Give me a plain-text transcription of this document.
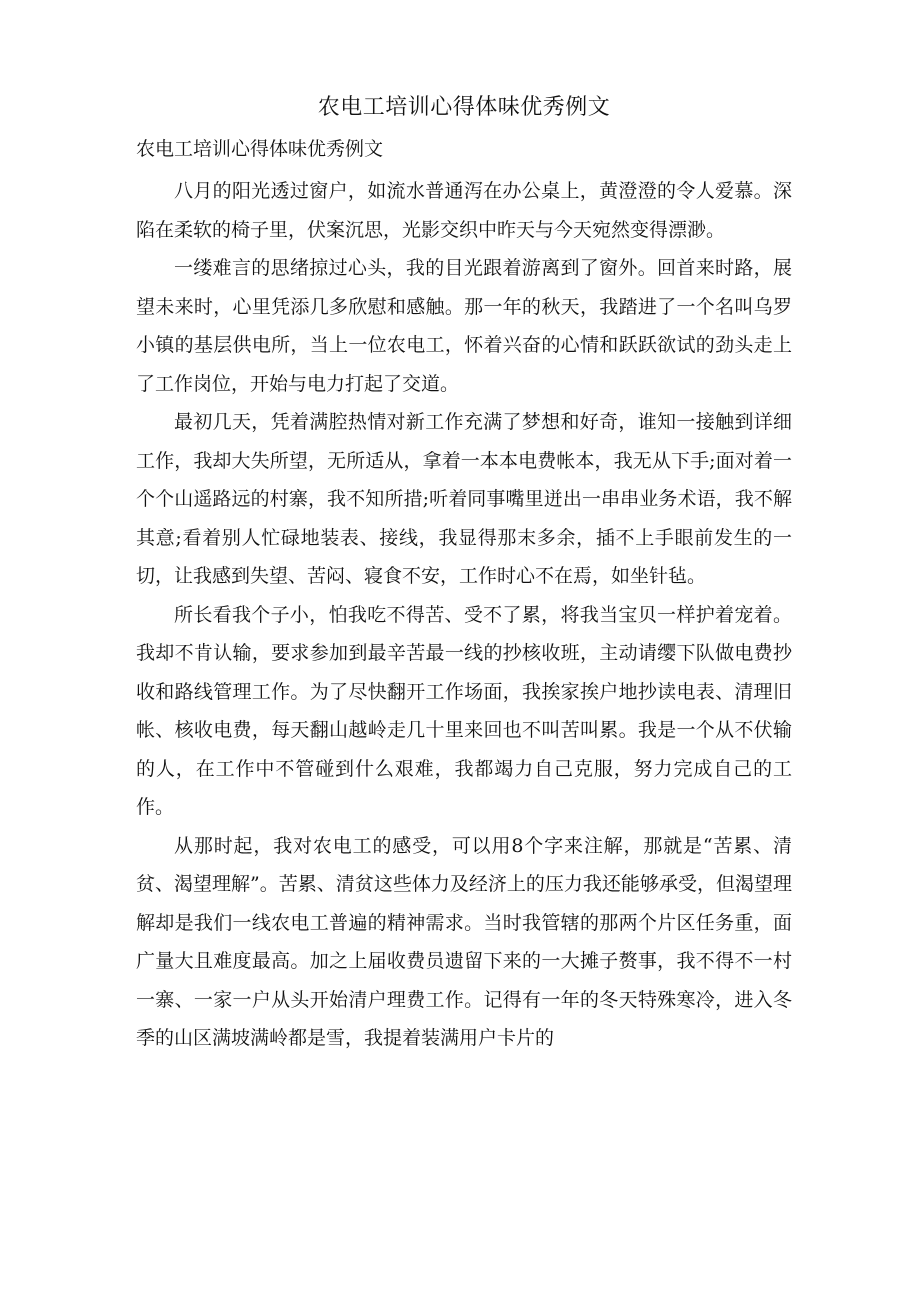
农电工培训心得体味优秀例文

农电工培训心得体味优秀例文

八月的阳光透过窗户，如流水普通泻在办公桌上，黄澄澄的令人爱慕。深陷在柔软的椅子里，伏案沉思，光影交织中昨天与今天宛然变得漂渺。

一缕难言的思绪掠过心头，我的目光跟着游离到了窗外。回首来时路，展望未来时，心里凭添几多欣慰和感触。那一年的秋天，我踏进了一个名叫乌罗小镇的基层供电所，当上一位农电工，怀着兴奋的心情和跃跃欲试的劲头走上了工作岗位，开始与电力打起了交道。

最初几天，凭着满腔热情对新工作充满了梦想和好奇，谁知一接触到详细工作，我却大失所望，无所适从，拿着一本本电费帐本，我无从下手;面对着一个个山遥路远的村寨，我不知所措;听着同事嘴里迸出一串串业务术语，我不解其意;看着别人忙碌地装表、接线，我显得那末多余，插不上手眼前发生的一切，让我感到失望、苦闷、寝食不安，工作时心不在焉，如坐针毡。

所长看我个子小，怕我吃不得苦、受不了累，将我当宝贝一样护着宠着。我却不肯认输，要求参加到最辛苦最一线的抄核收班，主动请缨下队做电费抄收和路线管理工作。为了尽快翻开工作场面，我挨家挨户地抄读电表、清理旧帐、核收电费，每天翻山越岭走几十里来回也不叫苦叫累。我是一个从不伏输的人，在工作中不管碰到什么艰难，我都竭力自己克服，努力完成自己的工作。

从那时起，我对农电工的感受，可以用8个字来注解，那就是“苦累、清贫、渴望理解”。苦累、清贫这些体力及经济上的压力我还能够承受，但渴望理解却是我们一线农电工普遍的精神需求。当时我管辖的那两个片区任务重，面广量大且难度最高。加之上届收费员遗留下来的一大摊子赘事，我不得不一村一寨、一家一户从头开始清户理费工作。记得有一年的冬天特殊寒冷，进入冬季的山区满坡满岭都是雪，我提着装满用户卡片的
